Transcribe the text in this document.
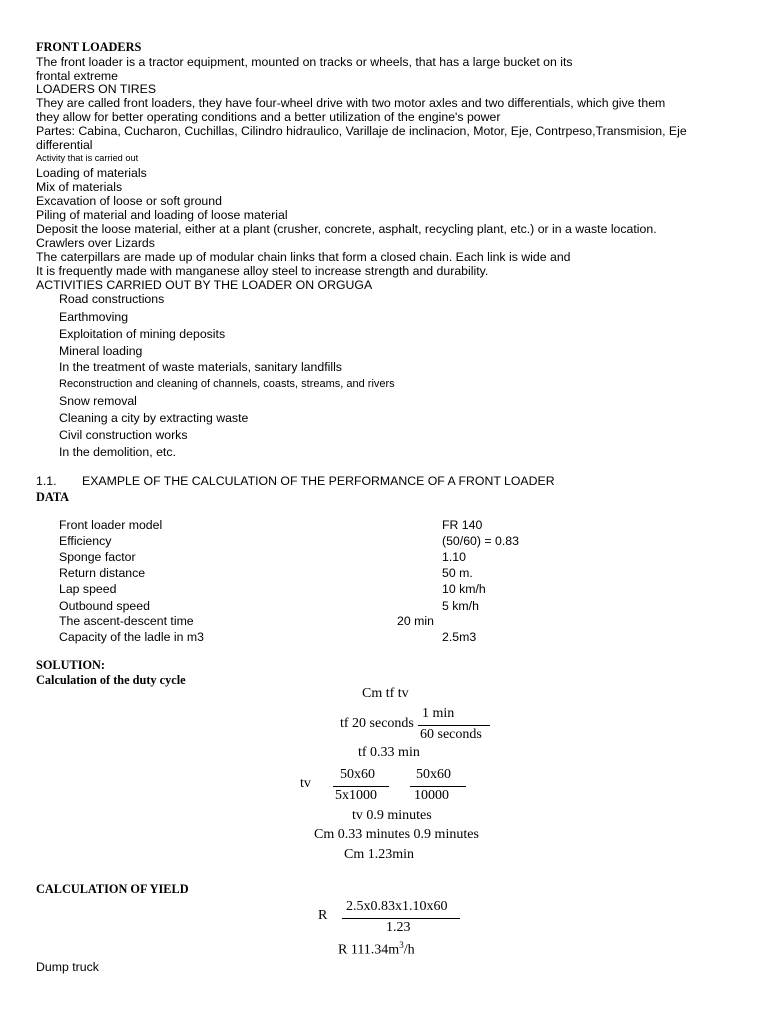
FRONT LOADERS
The front loader is a tractor equipment, mounted on tracks or wheels, that has a large bucket on its
frontal extreme
LOADERS ON TIRES
They are called front loaders, they have four-wheel drive with two motor axles and two differentials, which give them
they allow for better operating conditions and a better utilization of the engine's power
Partes: Cabina, Cucharon, Cuchillas, Cilindro hidraulico, Varillaje de inclinacion, Motor, Eje, Contrpeso,Transmision, Eje
differential
Activity that is carried out
Loading of materials
Mix of materials
Excavation of loose or soft ground
Piling of material and loading of loose material
Deposit the loose material, either at a plant (crusher, concrete, asphalt, recycling plant, etc.) or in a waste location.
Crawlers over Lizards
The caterpillars are made up of modular chain links that form a closed chain. Each link is wide and
It is frequently made with manganese alloy steel to increase strength and durability.
ACTIVITIES CARRIED OUT BY THE LOADER ON ORGUGA
Road constructions
Earthmoving
Exploitation of mining deposits
Mineral loading
In the treatment of waste materials, sanitary landfills
Reconstruction and cleaning of channels, coasts, streams, and rivers
Snow removal
Cleaning a city by extracting waste
Civil construction works
In the demolition, etc.
1.1. EXAMPLE OF THE CALCULATION OF THE PERFORMANCE OF A FRONT LOADER
DATA
Front loader model	FR 140
Efficiency	(50/60) = 0.83
Sponge factor	1.10
Return distance	50 m.
Lap speed	10 km/h
Outbound speed	5 km/h
The ascent-descent time	20 min
Capacity of the ladle in m3	2.5m3
SOLUTION:
Calculation of the duty cycle
Cm tf tv
tf 20 seconds
1 min
60 seconds
tf 0.33 min
tv
50x60
5x1000
50x60
10000
tv 0.9 minutes
Cm 0.33 minutes 0.9 minutes
Cm 1.23min
CALCULATION OF YIELD
R
2.5x0.83x1.10x60
1.23
R $111.34m^3/h$
Dump truck
